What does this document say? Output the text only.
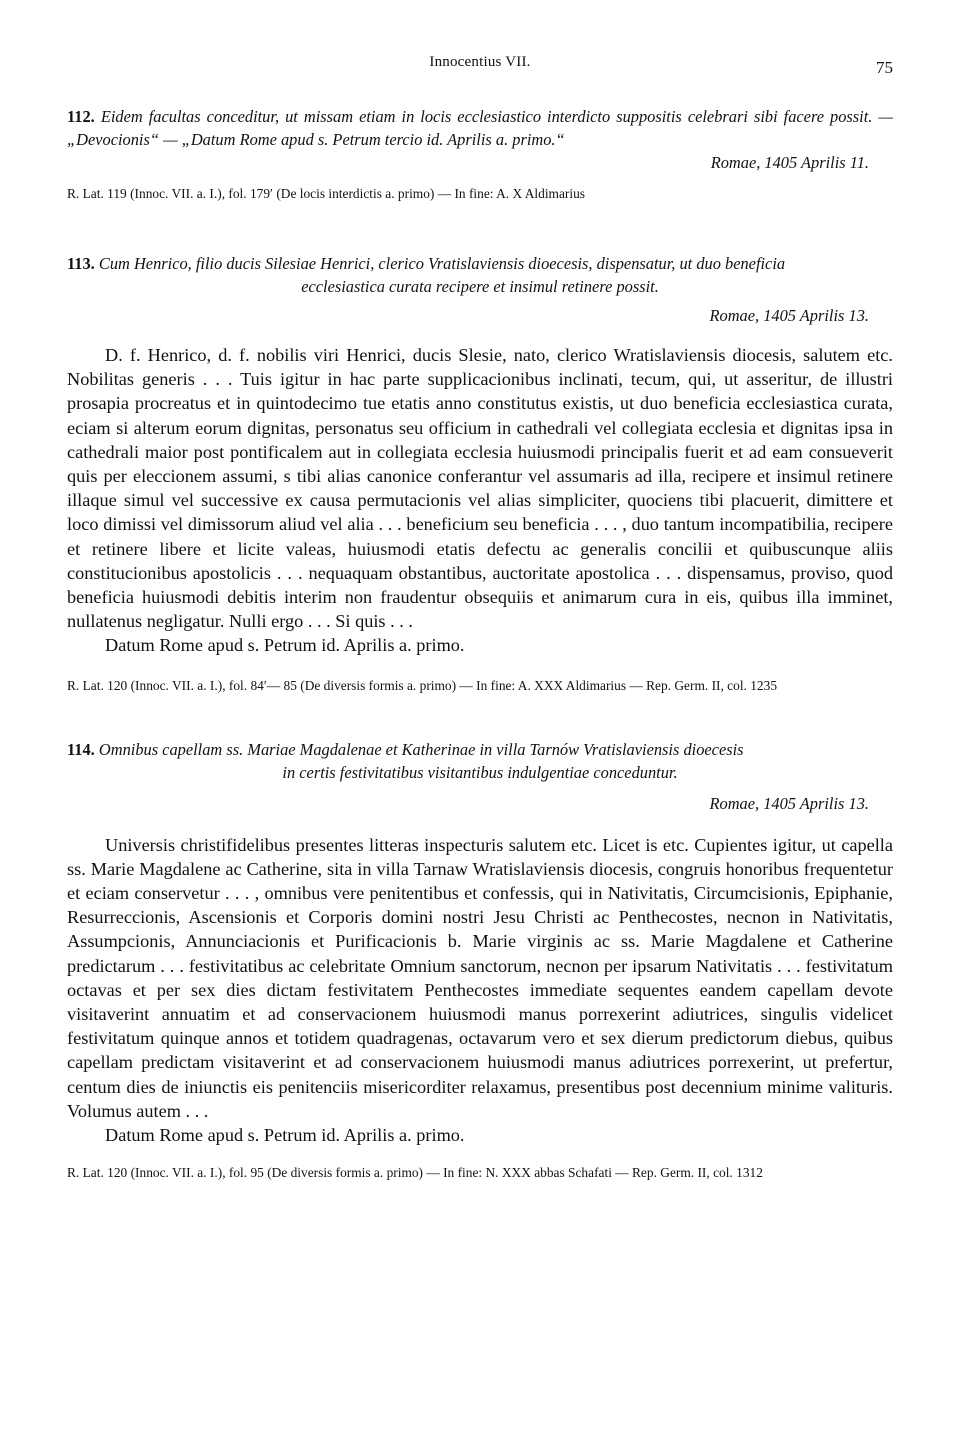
Innocentius VII.	75
112. Eidem facultas conceditur, ut missam etiam in locis ecclesiastico interdicto suppositis celebrari sibi facere possit. — „Devocionis“ — „Datum Rome apud s. Petrum tercio id. Aprilis a. primo.“
Romae, 1405 Aprilis 11.
R. Lat. 119 (Innoc. VII. a. I.), fol. 179′ (De locis interdictis a. primo) — In fine: A. X Aldimarius
113. Cum Henrico, filio ducis Silesiae Henrici, clerico Vratislaviensis dioecesis, dispensatur, ut duo beneficia
ecclesiastica curata recipere et insimul retinere possit.
Romae, 1405 Aprilis 13.
D. f. Henrico, d. f. nobilis viri Henrici, ducis Slesie, nato, clerico Wratislaviensis diocesis, salutem etc. Nobilitas generis . . . Tuis igitur in hac parte supplicacionibus inclinati, tecum, qui, ut asseritur, de illustri prosapia procreatus et in quintodecimo tue etatis anno constitutus existis, ut duo beneficia ecclesiastica curata, eciam si alterum eorum dignitas, personatus seu officium in cathedrali vel collegiata ecclesia et dignitas ipsa in cathedrali maior post pontificalem aut in collegiata ecclesia huiusmodi principalis fuerit et ad eam consueverit quis per eleccionem assumi, s tibi alias canonice conferantur vel assumaris ad illa, recipere et insimul retinere illaque simul vel successive ex causa permutacionis vel alias simpliciter, quociens tibi placuerit, dimittere et loco dimissi vel dimissorum aliud vel alia . . . beneficium seu beneficia . . . , duo tantum incompatibilia, recipere et retinere libere et licite valeas, huiusmodi etatis defectu ac generalis concilii et quibuscunque aliis constitucionibus apostolicis . . . nequaquam obstantibus, auctoritate apostolica . . . dispensamus, proviso, quod beneficia huiusmodi debitis interim non fraudentur obsequiis et animarum cura in eis, quibus illa imminet, nullatenus negligatur. Nulli ergo . . . Si quis . . .
Datum Rome apud s. Petrum id. Aprilis a. primo.
R. Lat. 120 (Innoc. VII. a. I.), fol. 84′— 85 (De diversis formis a. primo) — In fine: A. XXX Aldimarius — Rep. Germ. II, col. 1235
114. Omnibus capellam ss. Mariae Magdalenae et Katherinae in villa Tarnów Vratislaviensis dioecesis
in certis festivitatibus visitantibus indulgentiae conceduntur.
Romae, 1405 Aprilis 13.
Universis christifidelibus presentes litteras inspecturis salutem etc. Licet is etc. Cupientes igitur, ut capella ss. Marie Magdalene ac Catherine, sita in villa Tarnaw Wratislaviensis diocesis, congruis honoribus frequentetur et eciam conservetur . . . , omnibus vere penitentibus et confessis, qui in Nativitatis, Circumcisionis, Epiphanie, Resurreccionis, Ascensionis et Corporis domini nostri Jesu Christi ac Penthecostes, necnon in Nativitatis, Assumpcionis, Annunciacionis et Purificacionis b. Marie virginis ac ss. Marie Magdalene et Catherine predictarum . . . festivitatibus ac celebritate Omnium sanctorum, necnon per ipsarum Nativitatis . . . festivitatum octavas et per sex dies dictam festivitatem Penthecostes immediate sequentes eandem capellam devote visitaverint annuatim et ad conservacionem huiusmodi manus porrexerint adiutrices, singulis videlicet festivitatum quinque annos et totidem quadragenas, octavarum vero et sex dierum predictorum diebus, quibus capellam predictam visitaverint et ad conservacionem huiusmodi manus adiutrices porrexerint, ut prefertur, centum dies de iniunctis eis penitenciis misericorditer relaxamus, presentibus post decennium minime valituris. Volumus autem . . .
Datum Rome apud s. Petrum id. Aprilis a. primo.
R. Lat. 120 (Innoc. VII. a. I.), fol. 95 (De diversis formis a. primo) — In fine: N. XXX abbas Schafati — Rep. Germ. II, col. 1312
